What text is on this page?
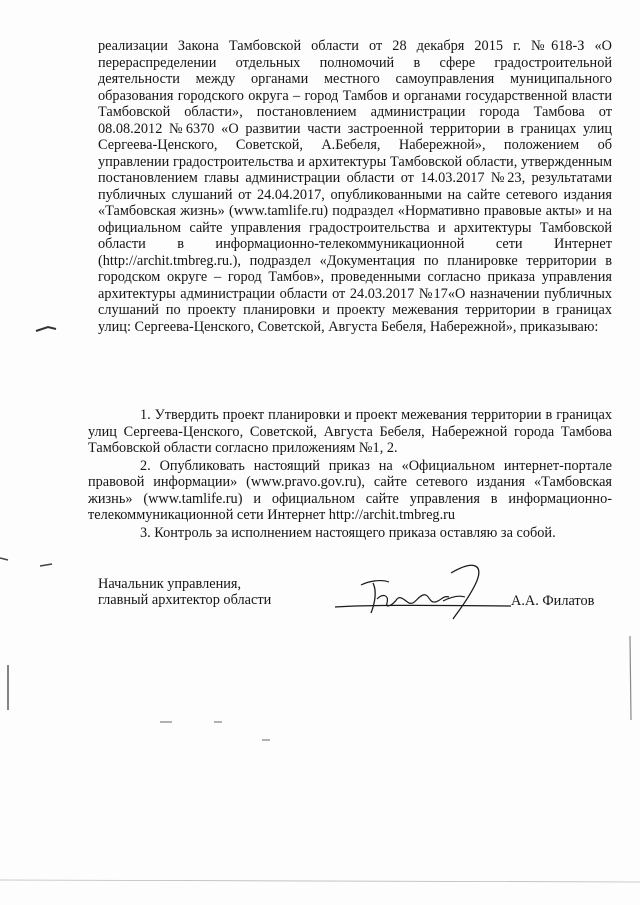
реализации Закона Тамбовской области от 28 декабря 2015 г. №618-З «О перераспределении отдельных полномочий в сфере градостроительной деятельности между органами местного самоуправления муниципального образования городского округа – город Тамбов и органами государственной власти Тамбовской области», постановлением администрации города Тамбова от 08.08.2012 №6370 «О развитии части застроенной территории в границах улиц Сергеева-Ценского, Советской, А.Бебеля, Набережной», положением об управлении градостроительства и архитектуры Тамбовской области, утвержденным постановлением главы администрации области от 14.03.2017 №23, результатами публичных слушаний от 24.04.2017, опубликованными на сайте сетевого издания «Тамбовская жизнь» (www.tamlife.ru) подраздел «Нормативно правовые акты» и на официальном сайте управления градостроительства и архитектуры Тамбовской области в информационно-телекоммуникационной сети Интернет (http://archit.tmbreg.ru.), подраздел «Документация по планировке территории в городском округе – город Тамбов», проведенными согласно приказа управления архитектуры администрации области от 24.03.2017 №17«О назначении публичных слушаний по проекту планировки и проекту межевания территории в границах улиц: Сергеева-Ценского, Советской, Августа Бебеля, Набережной», приказываю:

1. Утвердить проект планировки и проект межевания территории в границах улиц Сергеева-Ценского, Советской, Августа Бебеля, Набережной города Тамбова Тамбовской области согласно приложениям №1, 2.

2. Опубликовать настоящий приказ на «Официальном интернет-портале правовой информации» (www.pravo.gov.ru), сайте сетевого издания «Тамбовская жизнь» (www.tamlife.ru) и официальном сайте управления в информационно-телекоммуникационной сети Интернет http://archit.tmbreg.ru

3. Контроль за исполнением настоящего приказа оставляю за собой.

Начальник управления,
главный архитектор области	А.А. Филатов
